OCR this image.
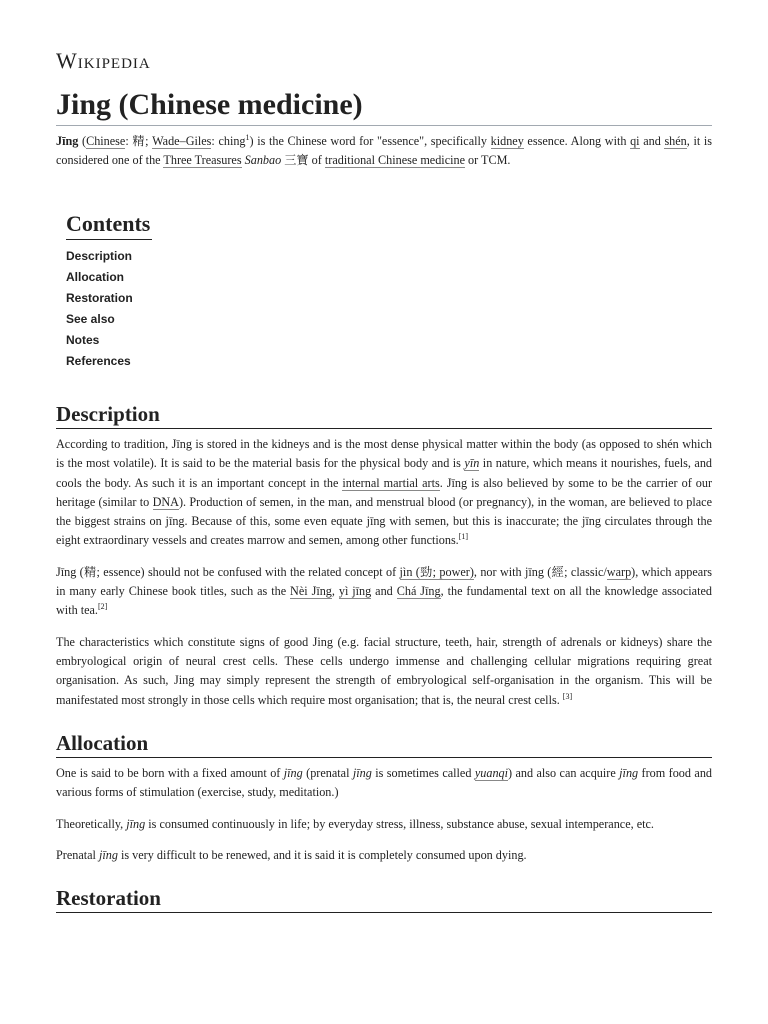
Wikipedia
Jing (Chinese medicine)

Jīng (Chinese: 精; Wade–Giles: ching$^1$) is the Chinese word for "essence", specifically kidney essence. Along with qi and shén, it is considered one of the Three Treasures Sanbao 三寶 of traditional Chinese medicine or TCM.

Contents
Description
Allocation
Restoration
See also
Notes
References
Description

According to tradition, Jīng is stored in the kidneys and is the most dense physical matter within the body (as opposed to shén which is the most volatile). It is said to be the material basis for the physical body and is yīn in nature, which means it nourishes, fuels, and cools the body. As such it is an important concept in the internal martial arts. Jīng is also believed by some to be the carrier of our heritage (similar to DNA). Production of semen, in the man, and menstrual blood (or pregnancy), in the woman, are believed to place the biggest strains on jīng. Because of this, some even equate jīng with semen, but this is inaccurate; the jīng circulates through the eight extraordinary vessels and creates marrow and semen, among other functions.[1]

Jīng (精; essence) should not be confused with the related concept of jìn (勁; power), nor with jīng (經; classic/warp), which appears in many early Chinese book titles, such as the Nèi Jīng, yì jīng and Chá Jīng, the fundamental text on all the knowledge associated with tea.[2]

The characteristics which constitute signs of good Jing (e.g. facial structure, teeth, hair, strength of adrenals or kidneys) share the embryological origin of neural crest cells. These cells undergo immense and challenging cellular migrations requiring great organisation. As such, Jing may simply represent the strength of embryological self-organisation in the organism. This will be manifestated most strongly in those cells which require most organisation; that is, the neural crest cells. [3]

Allocation

One is said to be born with a fixed amount of jīng (prenatal jīng is sometimes called yuanqi) and also can acquire jīng from food and various forms of stimulation (exercise, study, meditation.)

Theoretically, jīng is consumed continuously in life; by everyday stress, illness, substance abuse, sexual intemperance, etc.

Prenatal jīng is very difficult to be renewed, and it is said it is completely consumed upon dying.

Restoration
